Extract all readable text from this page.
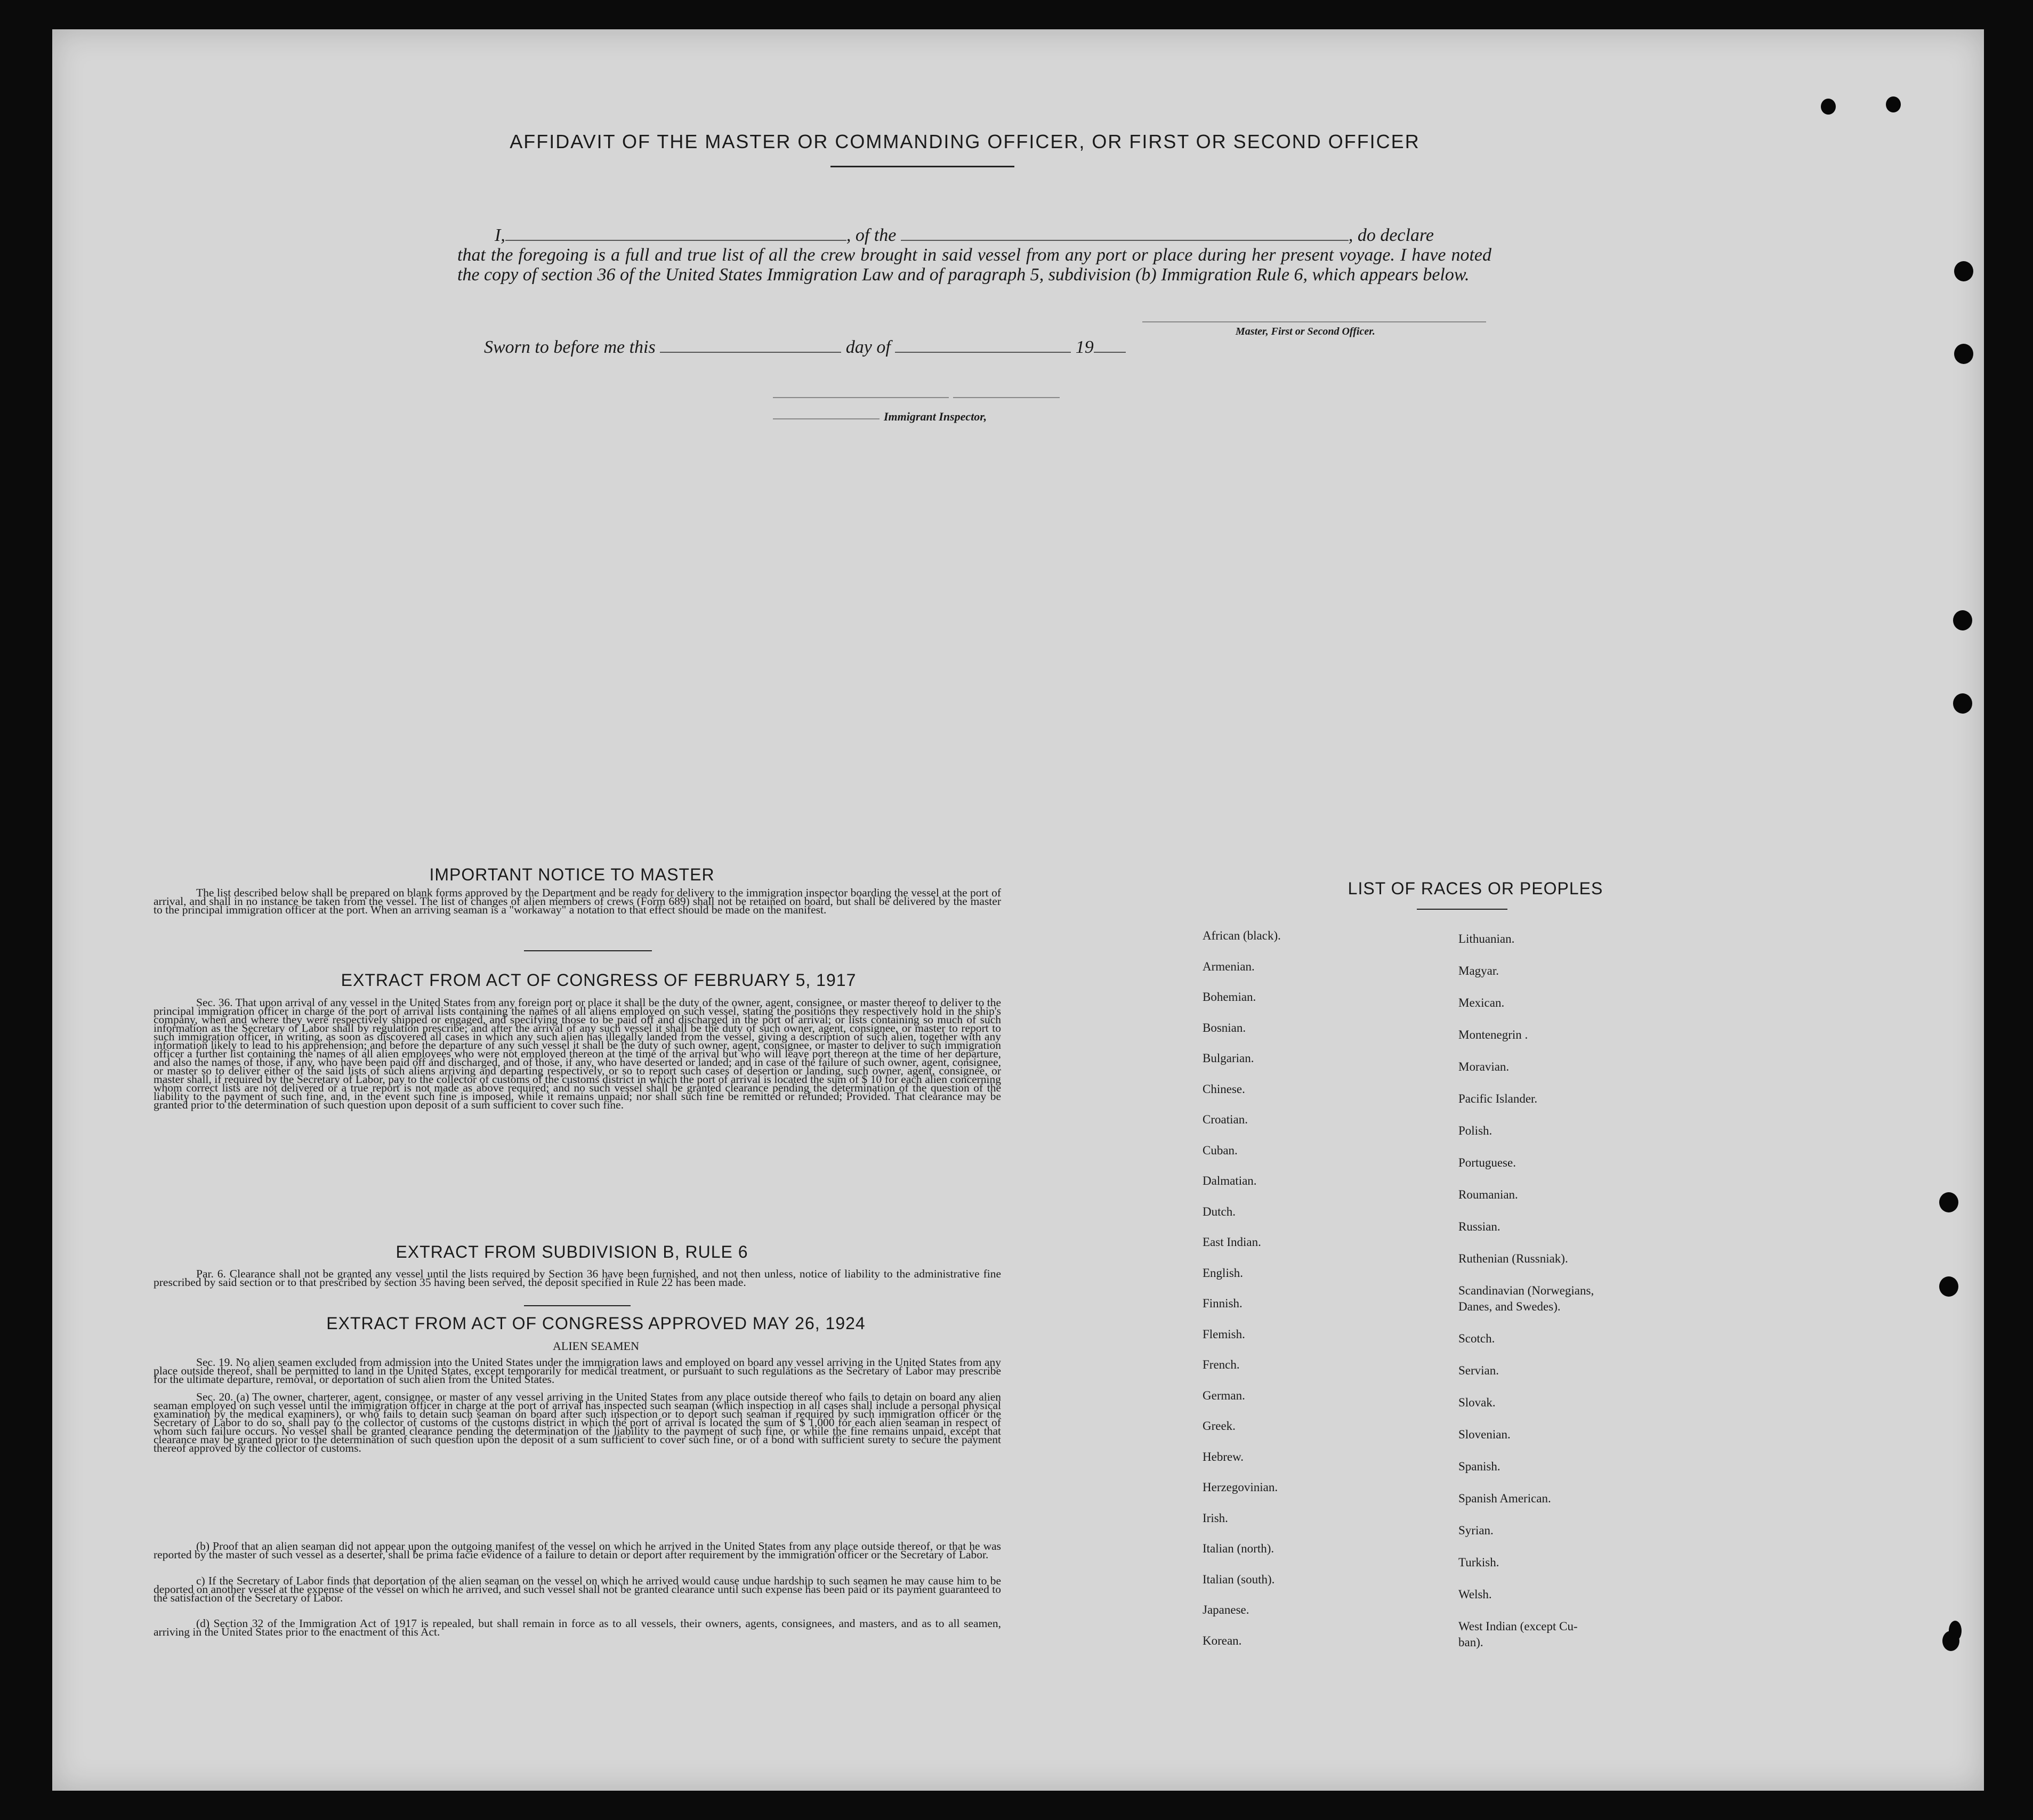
AFFIDAVIT OF THE MASTER OR COMMANDING OFFICER, OR FIRST OR SECOND OFFICER
I,	, of the	, do declare
that the foregoing is a full and true list of all the crew brought in said vessel from any port or place during her present voyage. I have noted the copy of section 36 of the United States Immigration Law and of paragraph 5, subdivision (b) Immigration Rule 6, which appears below.
Master, First or Second Officer.
Sworn to before me this	day of	19
Immigrant Inspector,
IMPORTANT NOTICE TO MASTER
The list described below shall be prepared on blank forms approved by the Department and be ready for delivery to the immigration inspector boarding the vessel at the port of arrival, and shall in no instance be taken from the vessel. The list of changes of alien members of crews (Form 689) shall not be retained on board, but shall be delivered by the master to the principal immigration officer at the port. When an arriving seaman is a "workaway" a notation to that effect should be made on the manifest.
EXTRACT FROM ACT OF CONGRESS OF FEBRUARY 5, 1917
Sec. 36. That upon arrival of any vessel in the United States from any foreign port or place it shall be the duty of the owner, agent, consignee, or master thereof to deliver to the principal immigration officer in charge of the port of arrival lists containing the names of all aliens employed on such vessel, stating the positions they respectively hold in the ship's company, when and where they were respectively shipped or engaged, and specifying those to be paid off and discharged in the port of arrival; or lists containing so much of such information as the Secretary of Labor shall by regulation prescribe; and after the arrival of any such vessel it shall be the duty of such owner, agent, consignee, or master to report to such immigration officer, in writing, as soon as discovered all cases in which any such alien has illegally landed from the vessel, giving a description of such alien, together with any information likely to lead to his apprehension; and before the departure of any such vessel it shall be the duty of such owner, agent, consignee, or master to deliver to such immigration officer a further list containing the names of all alien employees who were not employed thereon at the time of the arrival but who will leave port thereon at the time of her departure, and also the names of those, if any, who have been paid off and discharged, and of those, if any, who have deserted or landed; and in case of the failure of such owner, agent, consignee, or master so to deliver either of the said lists of such aliens arriving and departing respectively, or so to report such cases of desertion or landing, such owner, agent, consignee, or master shall, if required by the Secretary of Labor, pay to the collector of customs of the customs district in which the port of arrival is located the sum of $ 10 for each alien concerning whom correct lists are not delivered or a true report is not made as above required; and no such vessel shall be granted clearance pending the determination of the question of the liability to the payment of such fine, and, in the event such fine is imposed, while it remains unpaid; nor shall such fine be remitted or refunded; Provided. That clearance may be granted prior to the determination of such question upon deposit of a sum sufficient to cover such fine.
EXTRACT FROM SUBDIVISION B, RULE 6
Par. 6. Clearance shall not be granted any vessel until the lists required by Section 36 have been furnished, and not then unless, notice of liability to the administrative fine prescribed by said section or to that prescribed by section 35 having been served, the deposit specified in Rule 22 has been made.
EXTRACT FROM ACT OF CONGRESS APPROVED MAY 26, 1924
ALIEN SEAMEN
Sec. 19. No alien seamen excluded from admission into the United States under the immigration laws and employed on board any vessel arriving in the United States from any place outside thereof, shall be permitted to land in the United States, except temporarily for medical treatment, or pursuant to such regulations as the Secretary of Labor may prescribe for the ultimate departure, removal, or deportation of such alien from the United States.
Sec. 20. (a) The owner, charterer, agent, consignee, or master of any vessel arriving in the United States from any place outside thereof who fails to detain on board any alien seaman employed on such vessel until the immigration officer in charge at the port of arrival has inspected such seaman (which inspection in all cases shall include a personal physical examination by the medical examiners), or who fails to detain such seaman on board after such inspection or to deport such seaman if required by such immigration officer or the Secretary of Labor to do so, shall pay to the collector of customs of the customs district in which the port of arrival is located the sum of $ 1,000 for each alien seaman in respect of whom such failure occurs. No vessel shall be granted clearance pending the determination of the liability to the payment of such fine, or while the fine remains unpaid, except that clearance may be granted prior to the determination of such question upon the deposit of a sum sufficient to cover such fine, or of a bond with sufficient surety to secure the payment thereof approved by the collector of customs.
(b) Proof that an alien seaman did not appear upon the outgoing manifest of the vessel on which he arrived in the United States from any place outside thereof, or that he was reported by the master of such vessel as a deserter, shall be prima facie evidence of a failure to detain or deport after requirement by the immigration officer or the Secretary of Labor.
c) If the Secretary of Labor finds that deportation of the alien seaman on the vessel on which he arrived would cause undue hardship to such seamen he may cause him to be deported on another vessel at the expense of the vessel on which he arrived, and such vessel shall not be granted clearance until such expense has been paid or its payment guaranteed to the satisfaction of the Secretary of Labor.
(d) Section 32 of the Immigration Act of 1917 is repealed, but shall remain in force as to all vessels, their owners, agents, consignees, and masters, and as to all seamen, arriving in the United States prior to the enactment of this Act.
LIST OF RACES OR PEOPLES
African (black).
Armenian.
Bohemian.
Bosnian.
Bulgarian.
Chinese.
Croatian.
Cuban.
Dalmatian.
Dutch.
East Indian.
English.
Finnish.
Flemish.
French.
German.
Greek.
Hebrew.
Herzegovinian.
Irish.
Italian (north).
Italian (south).
Japanese.
Korean.
Lithuanian.
Magyar.
Mexican.
Montenegrin .
Moravian.
Pacific Islander.
Polish.
Portuguese.
Roumanian.
Russian.
Ruthenian (Russniak).
Scandinavian (Norwegians,
Danes, and Swedes).
Scotch.
Servian.
Slovak.
Slovenian.
Spanish.
Spanish American.
Syrian.
Turkish.
Welsh.
West Indian (except Cu-
ban).
